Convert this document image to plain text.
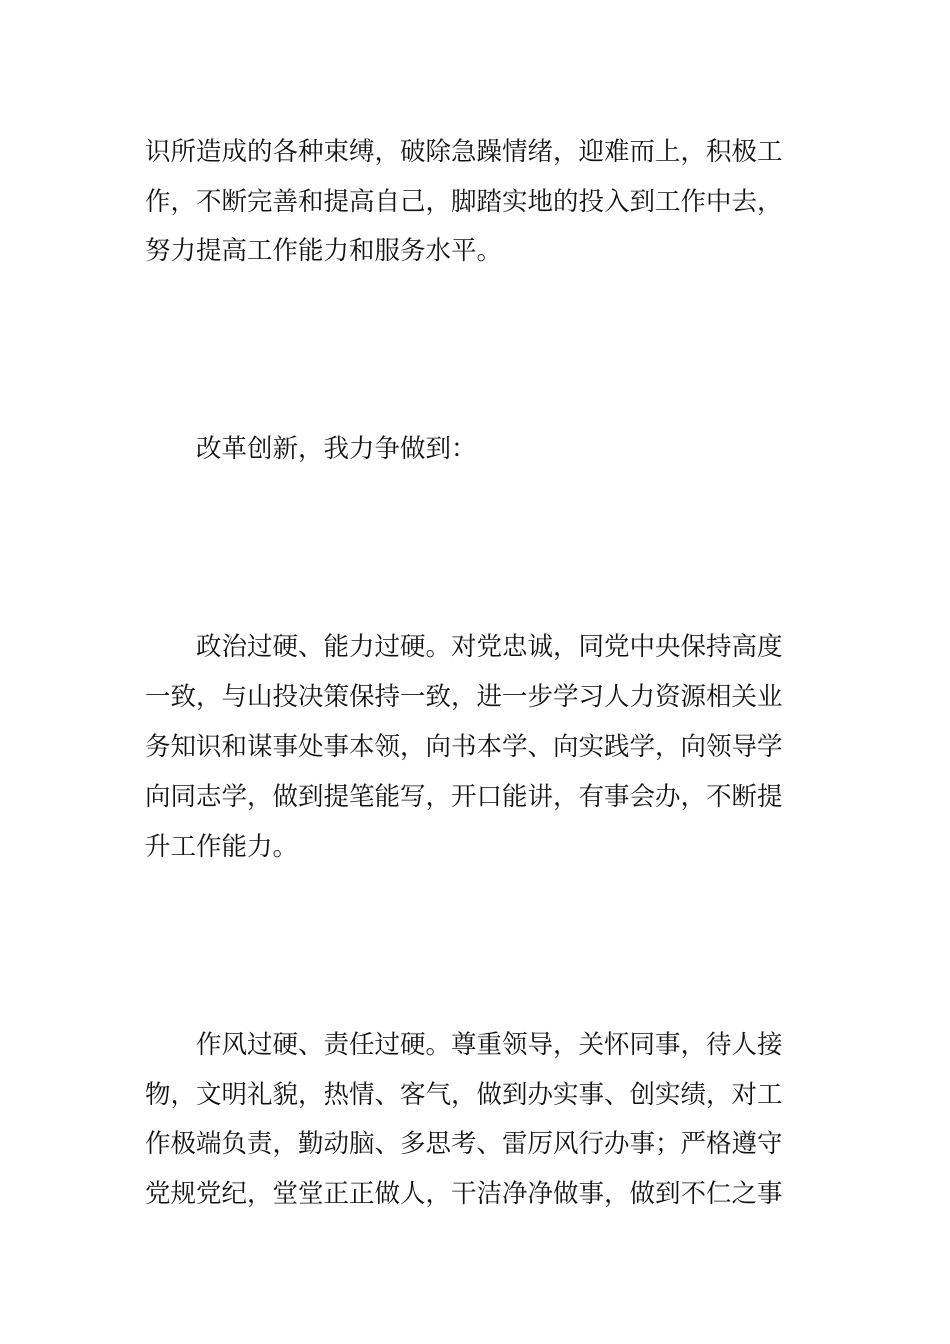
识所造成的各种束缚，破除急躁情绪，迎难而上，积极工
作，不断完善和提高自己，脚踏实地的投入到工作中去，
努力提高工作能力和服务水平。
改革创新，我力争做到：
政治过硬、能力过硬。对党忠诚，同党中央保持高度
一致，与山投决策保持一致，进一步学习人力资源相关业
务知识和谋事处事本领，向书本学、向实践学，向领导学
向同志学，做到提笔能写，开口能讲，有事会办，不断提
升工作能力。
作风过硬、责任过硬。尊重领导，关怀同事，待人接
物，文明礼貌，热情、客气，做到办实事、创实绩，对工
作极端负责，勤动脑、多思考、雷厉风行办事；严格遵守
党规党纪，堂堂正正做人，干洁净净做事，做到不仁之事
